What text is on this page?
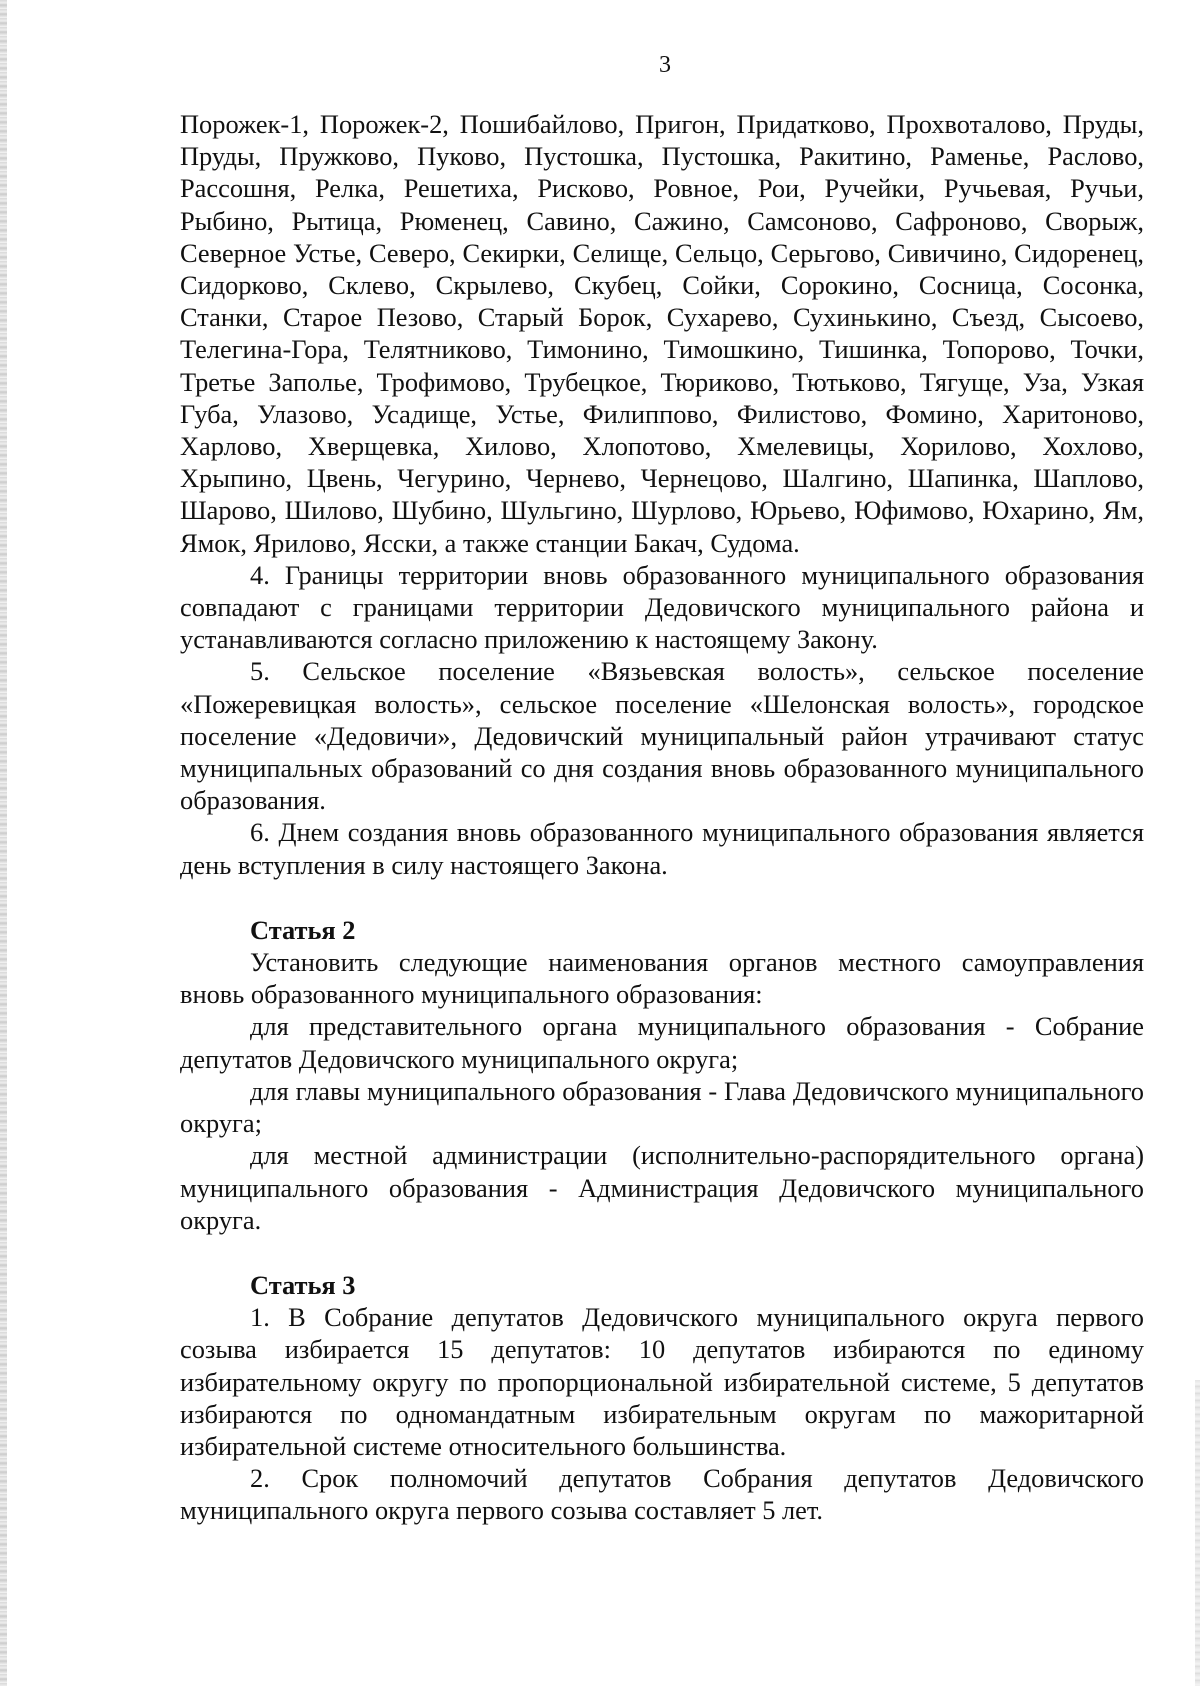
3

Порожек-1, Порожек-2, Пошибайлово, Пригон, Придатково, Прохвоталово, Пруды, Пруды, Пружково, Пуково, Пустошка, Пустошка, Ракитино, Раменье, Раслово, Рассошня, Релка, Решетиха, Рисково, Ровное, Рои, Ручейки, Ручьевая, Ручьи, Рыбино, Рытица, Рюменец, Савино, Сажино, Самсоново, Сафроново, Сворыж, Северное Устье, Северо, Секирки, Селище, Сельцо, Серьгово, Сивичино, Сидоренец, Сидорково, Склево, Скрылево, Скубец, Сойки, Сорокино, Сосница, Сосонка, Станки, Старое Пезово, Старый Борок, Сухарево, Сухинькино, Съезд, Сысоево, Телегина-Гора, Телятниково, Тимонино, Тимошкино, Тишинка, Топорово, Точки, Третье Заполье, Трофимово, Трубецкое, Тюриково, Тютьково, Тягуще, Уза, Узкая Губа, Улазово, Усадище, Устье, Филиппово, Филистово, Фомино, Харитоново, Харлово, Хверщевка, Хилово, Хлопотово, Хмелевицы, Хорилово, Хохлово, Хрыпино, Цвень, Чегурино, Чернево, Чернецово, Шалгино, Шапинка, Шаплово, Шарово, Шилово, Шубино, Шульгино, Шурлово, Юрьево, Юфимово, Юхарино, Ям, Ямок, Ярилово, Ясски, а также станции Бакач, Судома.

4. Границы территории вновь образованного муниципального образования совпадают с границами территории Дедовичского муниципального района и устанавливаются согласно приложению к настоящему Закону.

5. Сельское поселение «Вязьевская волость», сельское поселение «Пожеревицкая волость», сельское поселение «Шелонская волость», городское поселение «Дедовичи», Дедовичский муниципальный район утрачивают статус муниципальных образований со дня создания вновь образованного муниципального образования.

6. Днем создания вновь образованного муниципального образования является день вступления в силу настоящего Закона.

Статья 2

Установить следующие наименования органов местного самоуправления вновь образованного муниципального образования:

для представительного органа муниципального образования - Собрание депутатов Дедовичского муниципального округа;

для главы муниципального образования - Глава Дедовичского муниципального округа;

для местной администрации (исполнительно-распорядительного органа) муниципального образования - Администрация Дедовичского муниципального округа.

Статья 3

1. В Собрание депутатов Дедовичского муниципального округа первого созыва избирается 15 депутатов: 10 депутатов избираются по единому избирательному округу по пропорциональной избирательной системе, 5 депутатов избираются по одномандатным избирательным округам по мажоритарной избирательной системе относительного большинства.

2. Срок полномочий депутатов Собрания депутатов Дедовичского муниципального округа первого созыва составляет 5 лет.
